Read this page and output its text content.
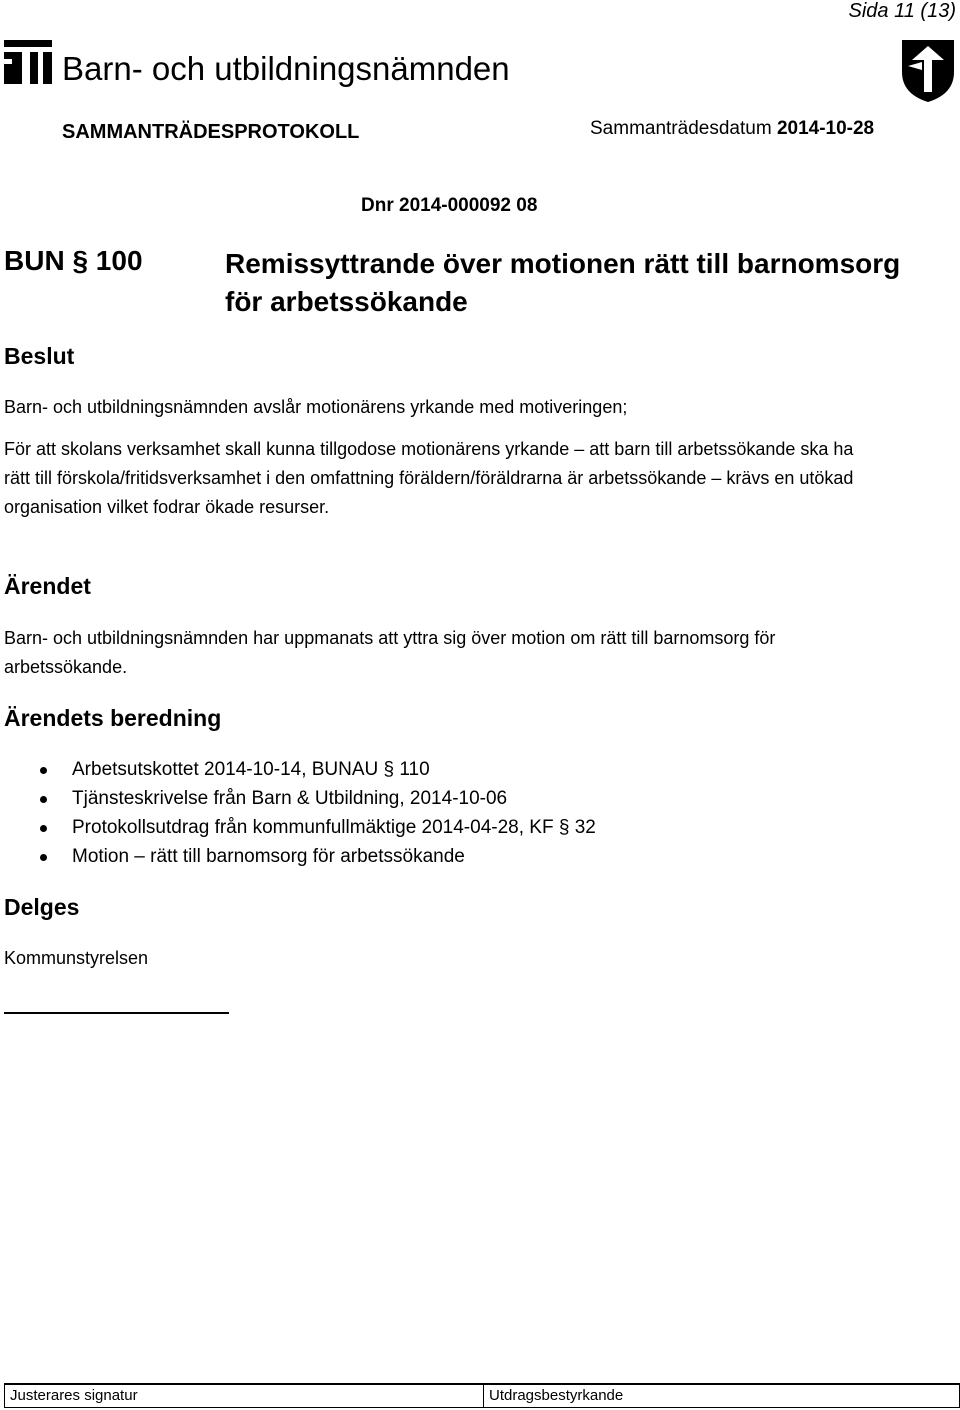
Sida 11 (13)
Barn- och utbildningsnämnden
SAMMANTRÄDESPROTOKOLL	Sammanträdesdatum 2014-10-28
Dnr 2014-000092 08
BUN § 100	Remissyttrande över motionen rätt till barnomsorg för arbetssökande
Beslut
Barn- och utbildningsnämnden avslår motionärens yrkande med motiveringen;
För att skolans verksamhet skall kunna tillgodose motionärens yrkande – att barn till arbetssökande ska ha rätt till förskola/fritidsverksamhet i den omfattning föräldern/föräldrarna är arbetssökande – krävs en utökad organisation vilket fodrar ökade resurser.
Ärendet
Barn- och utbildningsnämnden har uppmanats att yttra sig över motion om rätt till barnomsorg för arbetssökande.
Ärendets beredning
Arbetsutskottet 2014-10-14, BUNAU § 110
Tjänsteskrivelse från Barn & Utbildning, 2014-10-06
Protokollsutdrag från kommunfullmäktige 2014-04-28, KF § 32
Motion – rätt till barnomsorg för arbetssökande
Delges
Kommunstyrelsen
Justerares signatur	Utdragsbestyrkande
